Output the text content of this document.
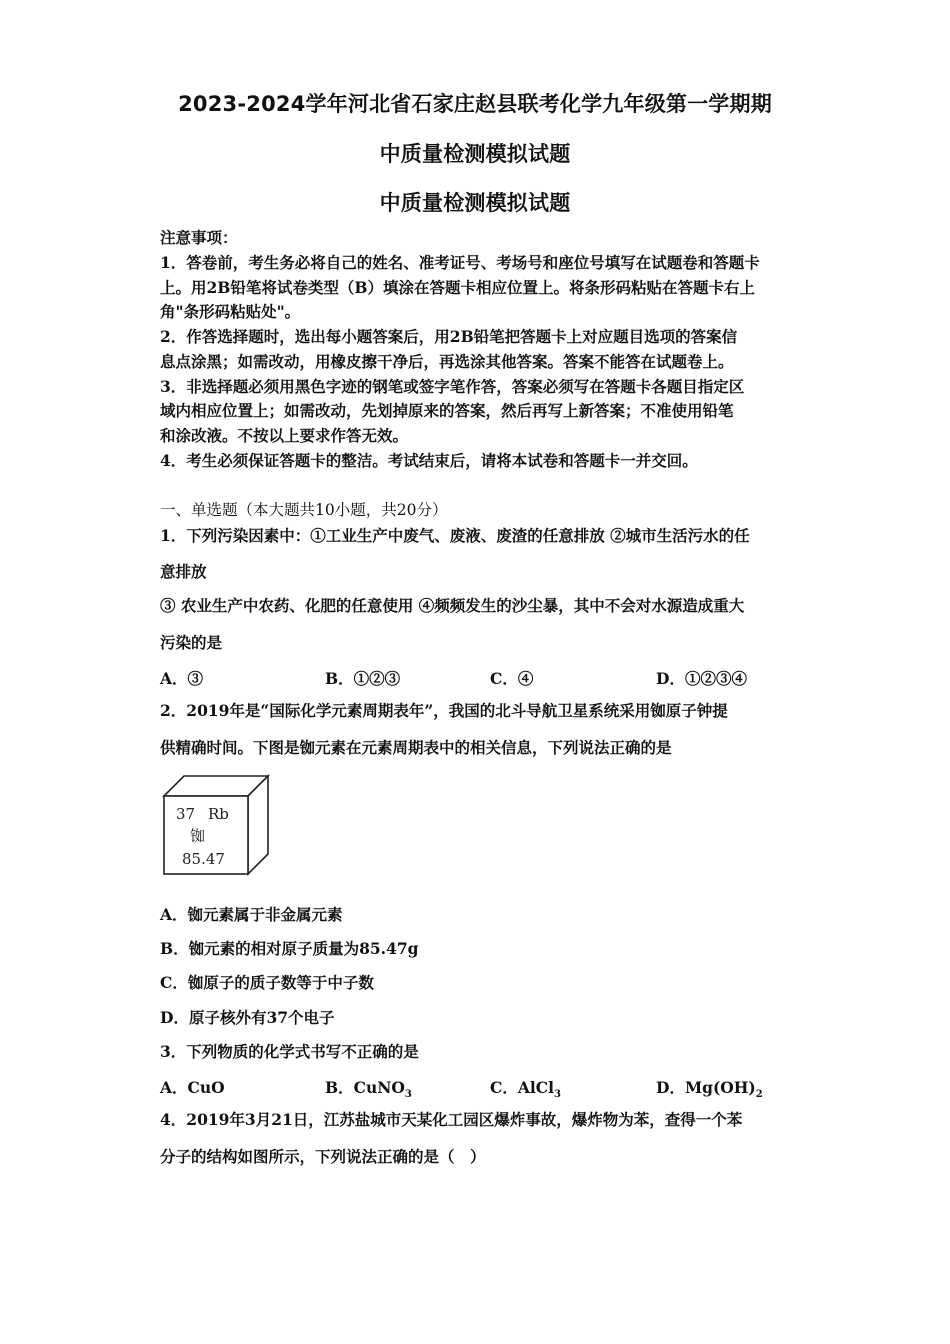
2023-2024学年河北省石家庄赵县联考化学九年级第一学期期
中质量检测模拟试题
中质量检测模拟试题
注意事项：
1．答卷前，考生务必将自己的姓名、准考证号、考场号和座位号填写在试题卷和答题卡
上。用2B铅笔将试卷类型（B）填涂在答题卡相应位置上。将条形码粘贴在答题卡右上
角"条形码粘贴处"。
2．作答选择题时，选出每小题答案后，用2B铅笔把答题卡上对应题目选项的答案信
息点涂黑；如需改动，用橡皮擦干净后，再选涂其他答案。答案不能答在试题卷上。
3．非选择题必须用黑色字迹的钢笔或签字笔作答，答案必须写在答题卡各题目指定区
域内相应位置上；如需改动，先划掉原来的答案，然后再写上新答案；不准使用铅笔
和涂改液。不按以上要求作答无效。
4．考生必须保证答题卡的整洁。考试结束后，请将本试卷和答题卡一并交回。
一、单选题（本大题共10小题，共20分）
1．下列污染因素中：①工业生产中废气、废液、废渣的任意排放 ②城市生活污水的任
意排放
③ 农业生产中农药、化肥的任意使用 ④频频发生的沙尘暴，其中不会对水源造成重大
污染的是
A．③	B．①②③	C．④	D．①②③④
2．2019年是“国际化学元素周期表年”，我国的北斗导航卫星系统采用铷原子钟提
供精确时间。下图是铷元素在元素周期表中的相关信息，下列说法正确的是
37 Rb
铷
85.47
A．铷元素属于非金属元素
B．铷元素的相对原子质量为85.47g
C．铷原子的质子数等于中子数
D．原子核外有37个电子
3．下列物质的化学式书写不正确的是
A．CuO	B．CuNO$_3$	C．AlCl$_3$	D．$Mg(OH)_2$
4．2019年3月21日，江苏盐城市天某化工园区爆炸事故，爆炸物为苯，查得一个苯
分子的结构如图所示，下列说法正确的是（　）
